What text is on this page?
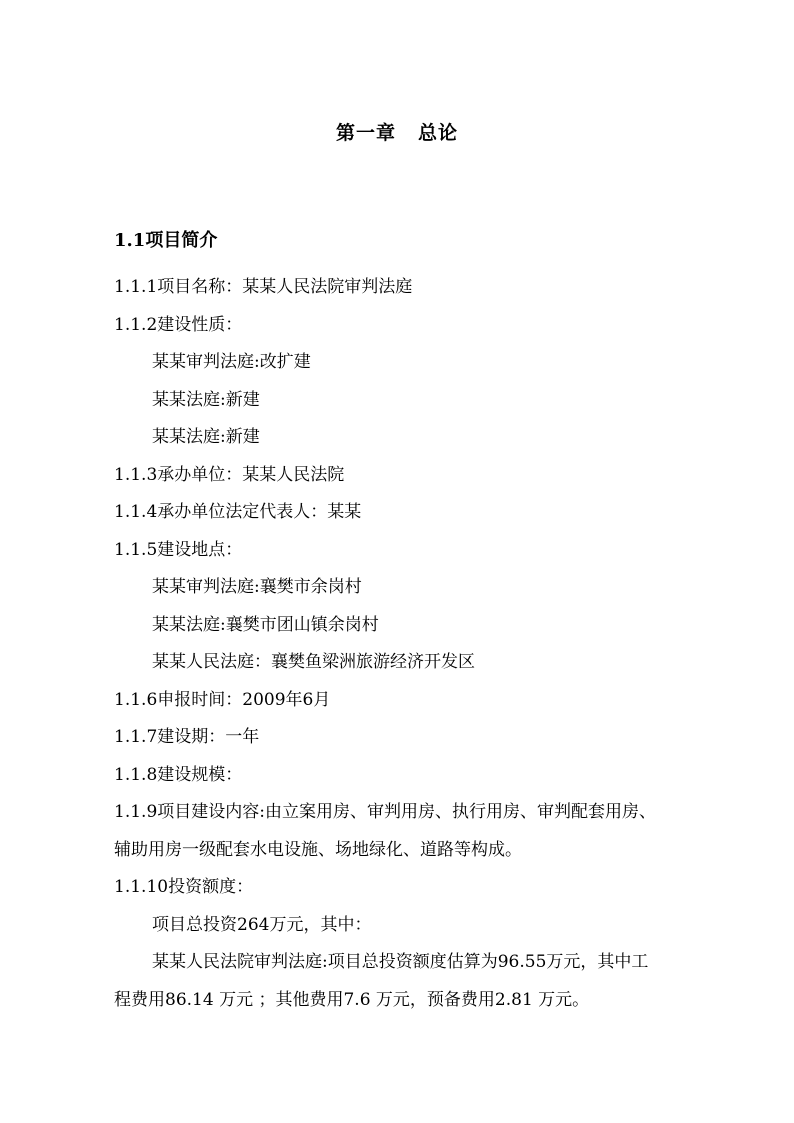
第一章 总论
1.1项目简介
1.1.1项目名称：某某人民法院审判法庭
1.1.2建设性质：
某某审判法庭:改扩建
某某法庭:新建
某某法庭:新建
1.1.3承办单位：某某人民法院
1.1.4承办单位法定代表人：某某
1.1.5建设地点：
某某审判法庭:襄樊市余岗村
某某法庭:襄樊市团山镇余岗村
某某人民法庭：襄樊鱼梁洲旅游经济开发区
1.1.6申报时间：2009年6月
1.1.7建设期：一年
1.1.8建设规模：
1.1.9项目建设内容:由立案用房、审判用房、执行用房、审判配套用房、
辅助用房一级配套水电设施、场地绿化、道路等构成。
1.1.10投资额度：
项目总投资264万元，其中：
某某人民法院审判法庭:项目总投资额度估算为96.55万元，其中工
程费用86.14 万元 ；其他费用7.6 万元，预备费用2.81 万元。
